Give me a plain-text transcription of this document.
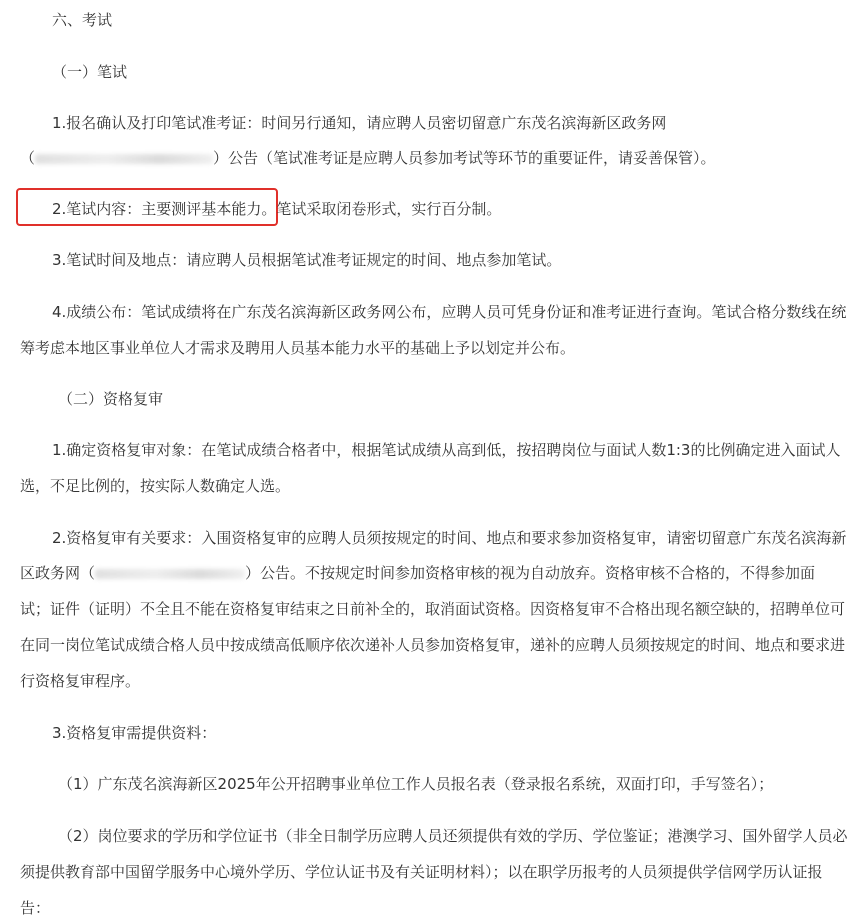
六、考试
（一）笔试
1.报名确认及打印笔试准考证：时间另行通知，请应聘人员密切留意广东茂名滨海新区政务网
（	）公告（笔试准考证是应聘人员参加考试等环节的重要证件，请妥善保管）。
2.笔试内容：主要测评基本能力。笔试采取闭卷形式，实行百分制。
3.笔试时间及地点：请应聘人员根据笔试准考证规定的时间、地点参加笔试。
4.成绩公布：笔试成绩将在广东茂名滨海新区政务网公布，应聘人员可凭身份证和准考证进行查询。笔试合格分数线在统
筹考虑本地区事业单位人才需求及聘用人员基本能力水平的基础上予以划定并公布。
（二）资格复审
1.确定资格复审对象：在笔试成绩合格者中，根据笔试成绩从高到低，按招聘岗位与面试人数1:3的比例确定进入面试人
选，不足比例的，按实际人数确定人选。
2.资格复审有关要求：入围资格复审的应聘人员须按规定的时间、地点和要求参加资格复审，请密切留意广东茂名滨海新
区政务网（	）公告。不按规定时间参加资格审核的视为自动放弃。资格审核不合格的，不得参加面
试；证件（证明）不全且不能在资格复审结束之日前补全的，取消面试资格。因资格复审不合格出现名额空缺的，招聘单位可
在同一岗位笔试成绩合格人员中按成绩高低顺序依次递补人员参加资格复审，递补的应聘人员须按规定的时间、地点和要求进
行资格复审程序。
3.资格复审需提供资料：
（1）广东茂名滨海新区2025年公开招聘事业单位工作人员报名表（登录报名系统，双面打印，手写签名）；
（2）岗位要求的学历和学位证书（非全日制学历应聘人员还须提供有效的学历、学位鉴证；港澳学习、国外留学人员必
须提供教育部中国留学服务中心境外学历、学位认证书及有关证明材料）；以在职学历报考的人员须提供学信网学历认证报
告：
